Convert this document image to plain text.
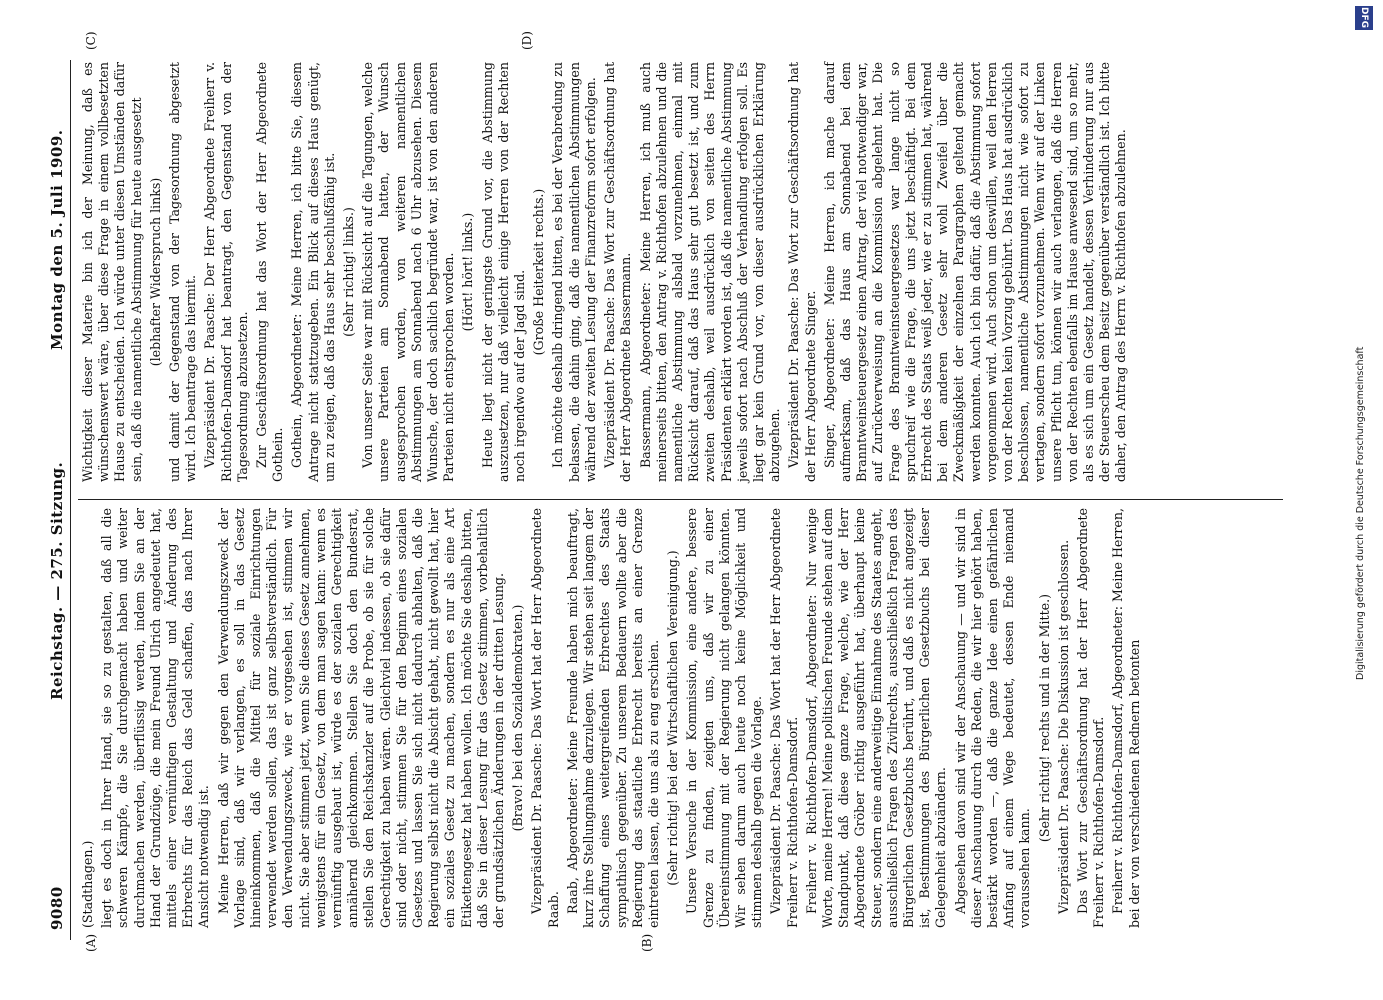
9080
Reichstag. — 275. Sitzung.
Montag den 5. Juli 1909.
(A)	(B)
(C)	(D)

(Stadthagen.) liegt es doch in Ihrer Hand, sie so zu gestalten, daß all die schweren Kämpfe, die Sie durchgemacht haben und weiter durchmachen werden, überflüssig werden, indem Sie an der Hand der Grundzüge, die mein Freund Ulrich angedeutet hat, mittels einer vernünftigen Gestaltung und Änderung des Erbrechts für das Reich das Geld schaffen, das nach Ihrer Ansicht notwendig ist. Meine Herren, daß wir gegen den Verwendungszweck der Vorlage sind, daß wir verlangen, es soll in das Gesetz hineinkommen, daß die Mittel für soziale Einrichtungen verwendet werden sollen, das ist ganz selbstverständlich. Für den Verwendungszweck, wie er vorgesehen ist, stimmen wir nicht. Sie aber stimmen jetzt, wenn Sie dieses Gesetz annehmen, wenigstens für ein Gesetz, von dem man sagen kann: wenn es vernünftig ausgebaut ist, würde es der sozialen Gerechtigkeit annähernd gleichkommen. Stellen Sie doch den Bundesrat, stellen Sie den Reichskanzler auf die Probe, ob sie für solche Gerechtigkeit zu haben wären. Gleichviel indessen, ob sie dafür sind oder nicht, stimmen Sie für den Beginn eines sozialen Gesetzes und lassen Sie sich nicht dadurch abhalten, daß die Regierung selbst nicht die Absicht gehabt, nicht gewollt hat, hier ein soziales Gesetz zu machen, sondern es nur als eine Art Etikettengesetz hat haben wollen. Ich möchte Sie deshalb bitten, daß Sie in dieser Lesung für das Gesetz stimmen, vorbehaltlich der grundsätzlichen Änderungen in der dritten Lesung. (Bravo! bei den Sozialdemokraten.) Vizepräsident Dr. Paasche: Das Wort hat der Herr Abgeordnete Raab. Raab, Abgeordneter: Meine Freunde haben mich beauftragt, kurz ihre Stellungnahme darzulegen. Wir stehen seit langem der Schaffung eines weitergreifenden Erbrechtes des Staats sympathisch gegenüber. Zu unserem Bedauern wollte aber die Regierung das staatliche Erbrecht bereits an einer Grenze eintreten lassen, die uns als zu eng erschien. (Sehr richtig! bei der Wirtschaftlichen Vereinigung.) Unsere Versuche in der Kommission, eine andere, bessere Grenze zu finden, zeigten uns, daß wir zu einer Übereinstimmung mit der Regierung nicht gelangen könnten. Wir sehen darum auch heute noch keine Möglichkeit und stimmen deshalb gegen die Vorlage. Vizepräsident Dr. Paasche: Das Wort hat der Herr Abgeordnete Freiherr v. Richthofen-Damsdorf. Freiherr v. Richthofen-Damsdorf, Abgeordneter: Nur wenige Worte, meine Herren! Meine politischen Freunde stehen auf dem Standpunkt, daß diese ganze Frage, welche, wie der Herr Abgeordnete Gröber richtig ausgeführt hat, überhaupt keine Steuer, sondern eine anderweitige Einnahme des Staates angeht, ausschließlich Fragen des Zivilrechts, ausschließlich Fragen des Bürgerlichen Gesetzbuchs berührt, und daß es nicht angezeigt ist, Bestimmungen des Bürgerlichen Gesetzbuchs bei dieser Gelegenheit abzuändern. Abgesehen davon sind wir der Anschauung — und wir sind in dieser Anschauung durch die Reden, die wir hier gehört haben, bestärkt worden —, daß die ganze Idee einen gefährlichen Anfang auf einem Wege bedeutet, dessen Ende niemand voraussehen kann.

(Sehr richtig! rechts und in der Mitte.) Vizepräsident Dr. Paasche: Die Diskussion ist geschlossen. Das Wort zur Geschäftsordnung hat der Herr Abgeordnete Freiherr v. Richthofen-Damsdorf. Freiherr v. Richthofen-Damsdorf, Abgeordneter: Meine Herren, bei der von verschiedenen Rednern betonten

Wichtigkeit dieser Materie bin ich der Meinung, daß es wünschenswert wäre, über diese Frage in einem vollbesetzten Hause zu entscheiden. Ich würde unter diesen Umständen dafür sein, daß die namentliche Abstimmung für heute ausgesetzt (lebhafter Widerspruch links) und damit der Gegenstand von der Tagesordnung abgesetzt wird. Ich beantrage das hiermit. Vizepräsident Dr. Paasche: Der Herr Abgeordnete Freiherr v. Richthofen-Damsdorf hat beantragt, den Gegenstand von der Tagesordnung abzusetzen. Zur Geschäftsordnung hat das Wort der Herr Abgeordnete Gothein. Gothein, Abgeordneter: Meine Herren, ich bitte Sie, diesem Antrage nicht stattzugeben. Ein Blick auf dieses Haus genügt, um zu zeigen, daß das Haus sehr beschlußfähig ist. (Sehr richtig! links.) Von unserer Seite war mit Rücksicht auf die Tagungen, welche unsere Parteien am Sonnabend hatten, der Wunsch ausgesprochen worden, von weiteren namentlichen Abstimmungen am Sonnabend nach 6 Uhr abzusehen. Diesem Wunsche, der doch sachlich begründet war, ist von den anderen Parteien nicht entsprochen worden. (Hört! hört! links.) Heute liegt nicht der geringste Grund vor, die Abstimmung auszusetzen, nur daß vielleicht einige Herren von der Rechten noch irgendwo auf der Jagd sind. (Große Heiterkeit rechts.) Ich möchte deshalb dringend bitten, es bei der Verabredung zu belassen, die dahin ging, daß die namentlichen Abstimmungen während der zweiten Lesung der Finanzreform sofort erfolgen. Vizepräsident Dr. Paasche: Das Wort zur Geschäftsordnung hat der Herr Abgeordnete Bassermann. Bassermann, Abgeordneter: Meine Herren, ich muß auch meinerseits bitten, den Antrag v. Richthofen abzulehnen und die namentliche Abstimmung alsbald vorzunehmen, einmal mit Rücksicht darauf, daß das Haus sehr gut besetzt ist, und zum zweiten deshalb, weil ausdrücklich von seiten des Herrn Präsidenten erklärt worden ist, daß die namentliche Abstimmung jeweils sofort nach Abschluß der Verhandlung erfolgen soll. Es liegt gar kein Grund vor, von dieser ausdrücklichen Erklärung abzugehen. Vizepräsident Dr. Paasche: Das Wort zur Geschäftsordnung hat der Herr Abgeordnete Singer. Singer, Abgeordneter: Meine Herren, ich mache darauf aufmerksam, daß das Haus am Sonnabend bei dem Branntweinsteuergesetz einen Antrag, der viel notwendiger war, auf Zurückverweisung an die Kommission abgelehnt hat. Die Frage des Branntweinsteuergesetzes war lange nicht so spruchreif wie die Frage, die uns jetzt beschäftigt. Bei dem Erbrecht des Staats weiß jeder, wie er zu stimmen hat, während bei dem anderen Gesetz sehr wohl Zweifel über die Zweckmäßigkeit der einzelnen Paragraphen geltend gemacht werden konnten. Auch ich bin dafür, daß die Abstimmung sofort vorgenommen wird. Auch schon um deswillen, weil den Herren von der Rechten kein Vorzug gebührt. Das Haus hat ausdrücklich beschlossen, namentliche Abstimmungen nicht wie sofort zu vertagen, sondern sofort vorzunehmen. Wenn wir auf der Linken unsere Pflicht tun, können wir auch verlangen, daß die Herren von der Rechten ebenfalls im Hause anwesend sind, um so mehr, als es sich um ein Gesetz handelt, dessen Verhinderung nur aus der Steuerscheu dem Besitz gegenüber verständlich ist. Ich bitte daher, den Antrag des Herrn v. Richthofen abzulehnen.

DFG
Digitalisierung gefördert durch die Deutsche Forschungsgemeinschaft
